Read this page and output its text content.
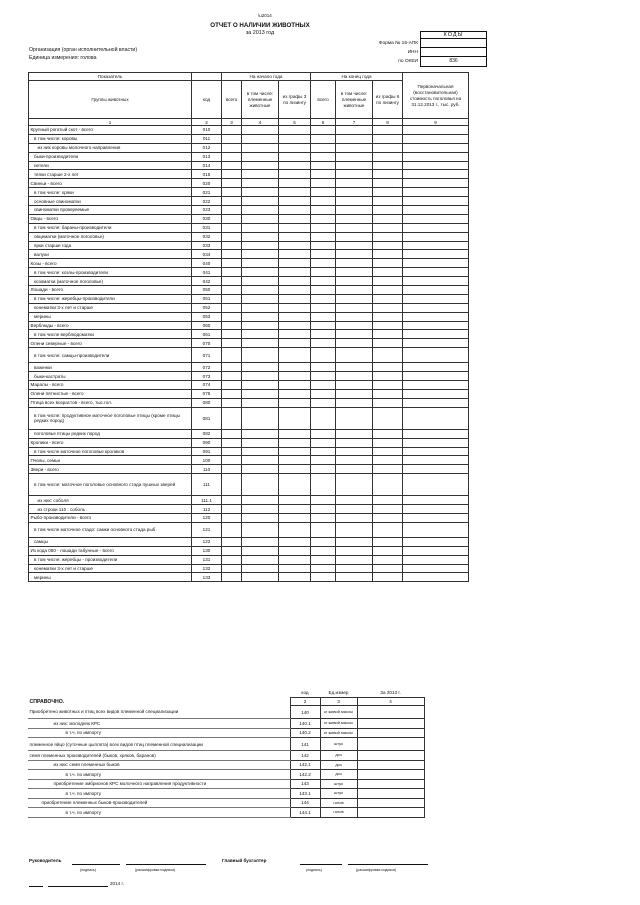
\u2014
ОТЧЕТ О НАЛИЧИИ ЖИВОТНЫХ
за 2013 год
Форма № 15-АПК
ИНН
по ОКЕИ
КОДЫ
836
Организация (орган исполнительной власти)
Единица измерения: голова
Показатель		На начало года			На конец года			Первоначальная (восстановительная) стоимость поголовья на 31.12.2013 г., тыс. руб.
Группы животных	код	всего	в том числе: племенные животные	из графы 3 по лизингу	всего	в том числе: племенные животные	из графы 6 по лизингу	
1	2	3	4	5	6	7	8	9
Крупный рогатый скот - всего	010							
в том числе: коровы	011							
из них коровы молочного направления	012							
быки-производители	013							
нетели	014							
телки старше 2-х лет	015							
Свиньи - всего	020							
в том числе: хряки	021							
основные свиноматки	022							
свиноматки проверяемые	023							
Овцы - всего	030							
в том числе: бараны-производители	031							
овцематки (маточное поголовье)	032							
ярки старше года	033							
валухи	034							
Козы - всего	040							
в том числе: козлы-производители	041							
козоматки (маточное поголовье)	042							
Лошади - всего	050							
в том числе: жеребцы-производители	051							
конематки 3-х лет и старше	052							
мерины	053							
Верблюды - всего	060							
в том числе верблюдоматки	061							
Олени северные - всего	070							
в том числе: самцы-производители	071							
важенки	072							
быки-кастраты	073							
Маралы - всего	074							
Олени пятнистые - всего	075							
Птица всех возрастов - всего, тыс.гол.	080							
в том числе: продуктивное маточное поголовье птицы (кроме птицы редких пород)	081							
поголовье птицы редких пород	082							
Кролики - всего	090							
в том числе маточное поголовье кроликов	091							
Пчелы, семьи	100							
Звери - всего	110							
в том числе: маточное поголовье основного стада пушных зверей	111							
из них: соболя	111.1							
из строки 110 : соболь	112							
Рыбо-производители - всего	120							
в том числе маточное стадо: самки основного стада рыб	121							
самцы	122							
Из кода 050 - лошади табунные - всего	130							
в том числе: жеребцы - производители	131							
конематки 3-х лет и старше	132							
мерины	133							
	код	Ед.измер	За 2013 г.
СПРАВОЧНО.	2	3	4
Приобретено животных и птиц всех видов племенной специализации	140	кг живой массы	
из них: молодняк КРС	140.1	кг живой массы	
в т.ч. по импорту	140.2	кг живой массы	
племенное яйцо (суточные цыплята) всех видов птиц племенной специализации	141	штук	
семя племенных производителей (быков, хряков, баранов)	142	доз	
из них: семя племенных быков	142.1	доз	
в т.ч. по импорту	142.2	доз	
приобретение эмбрионов КРС молочного направления продуктивности	143	штук	
в т.ч. по импорту	143.1	штук	
приобретение племенных быков-производителей	144	голов	
в т.ч. по импорту	144.1	голов	
Руководитель
(подпись)	(расшифровка подписи)
Главный бухгалтер
(подпись)	(расшифровка подписи)
2014 г.
